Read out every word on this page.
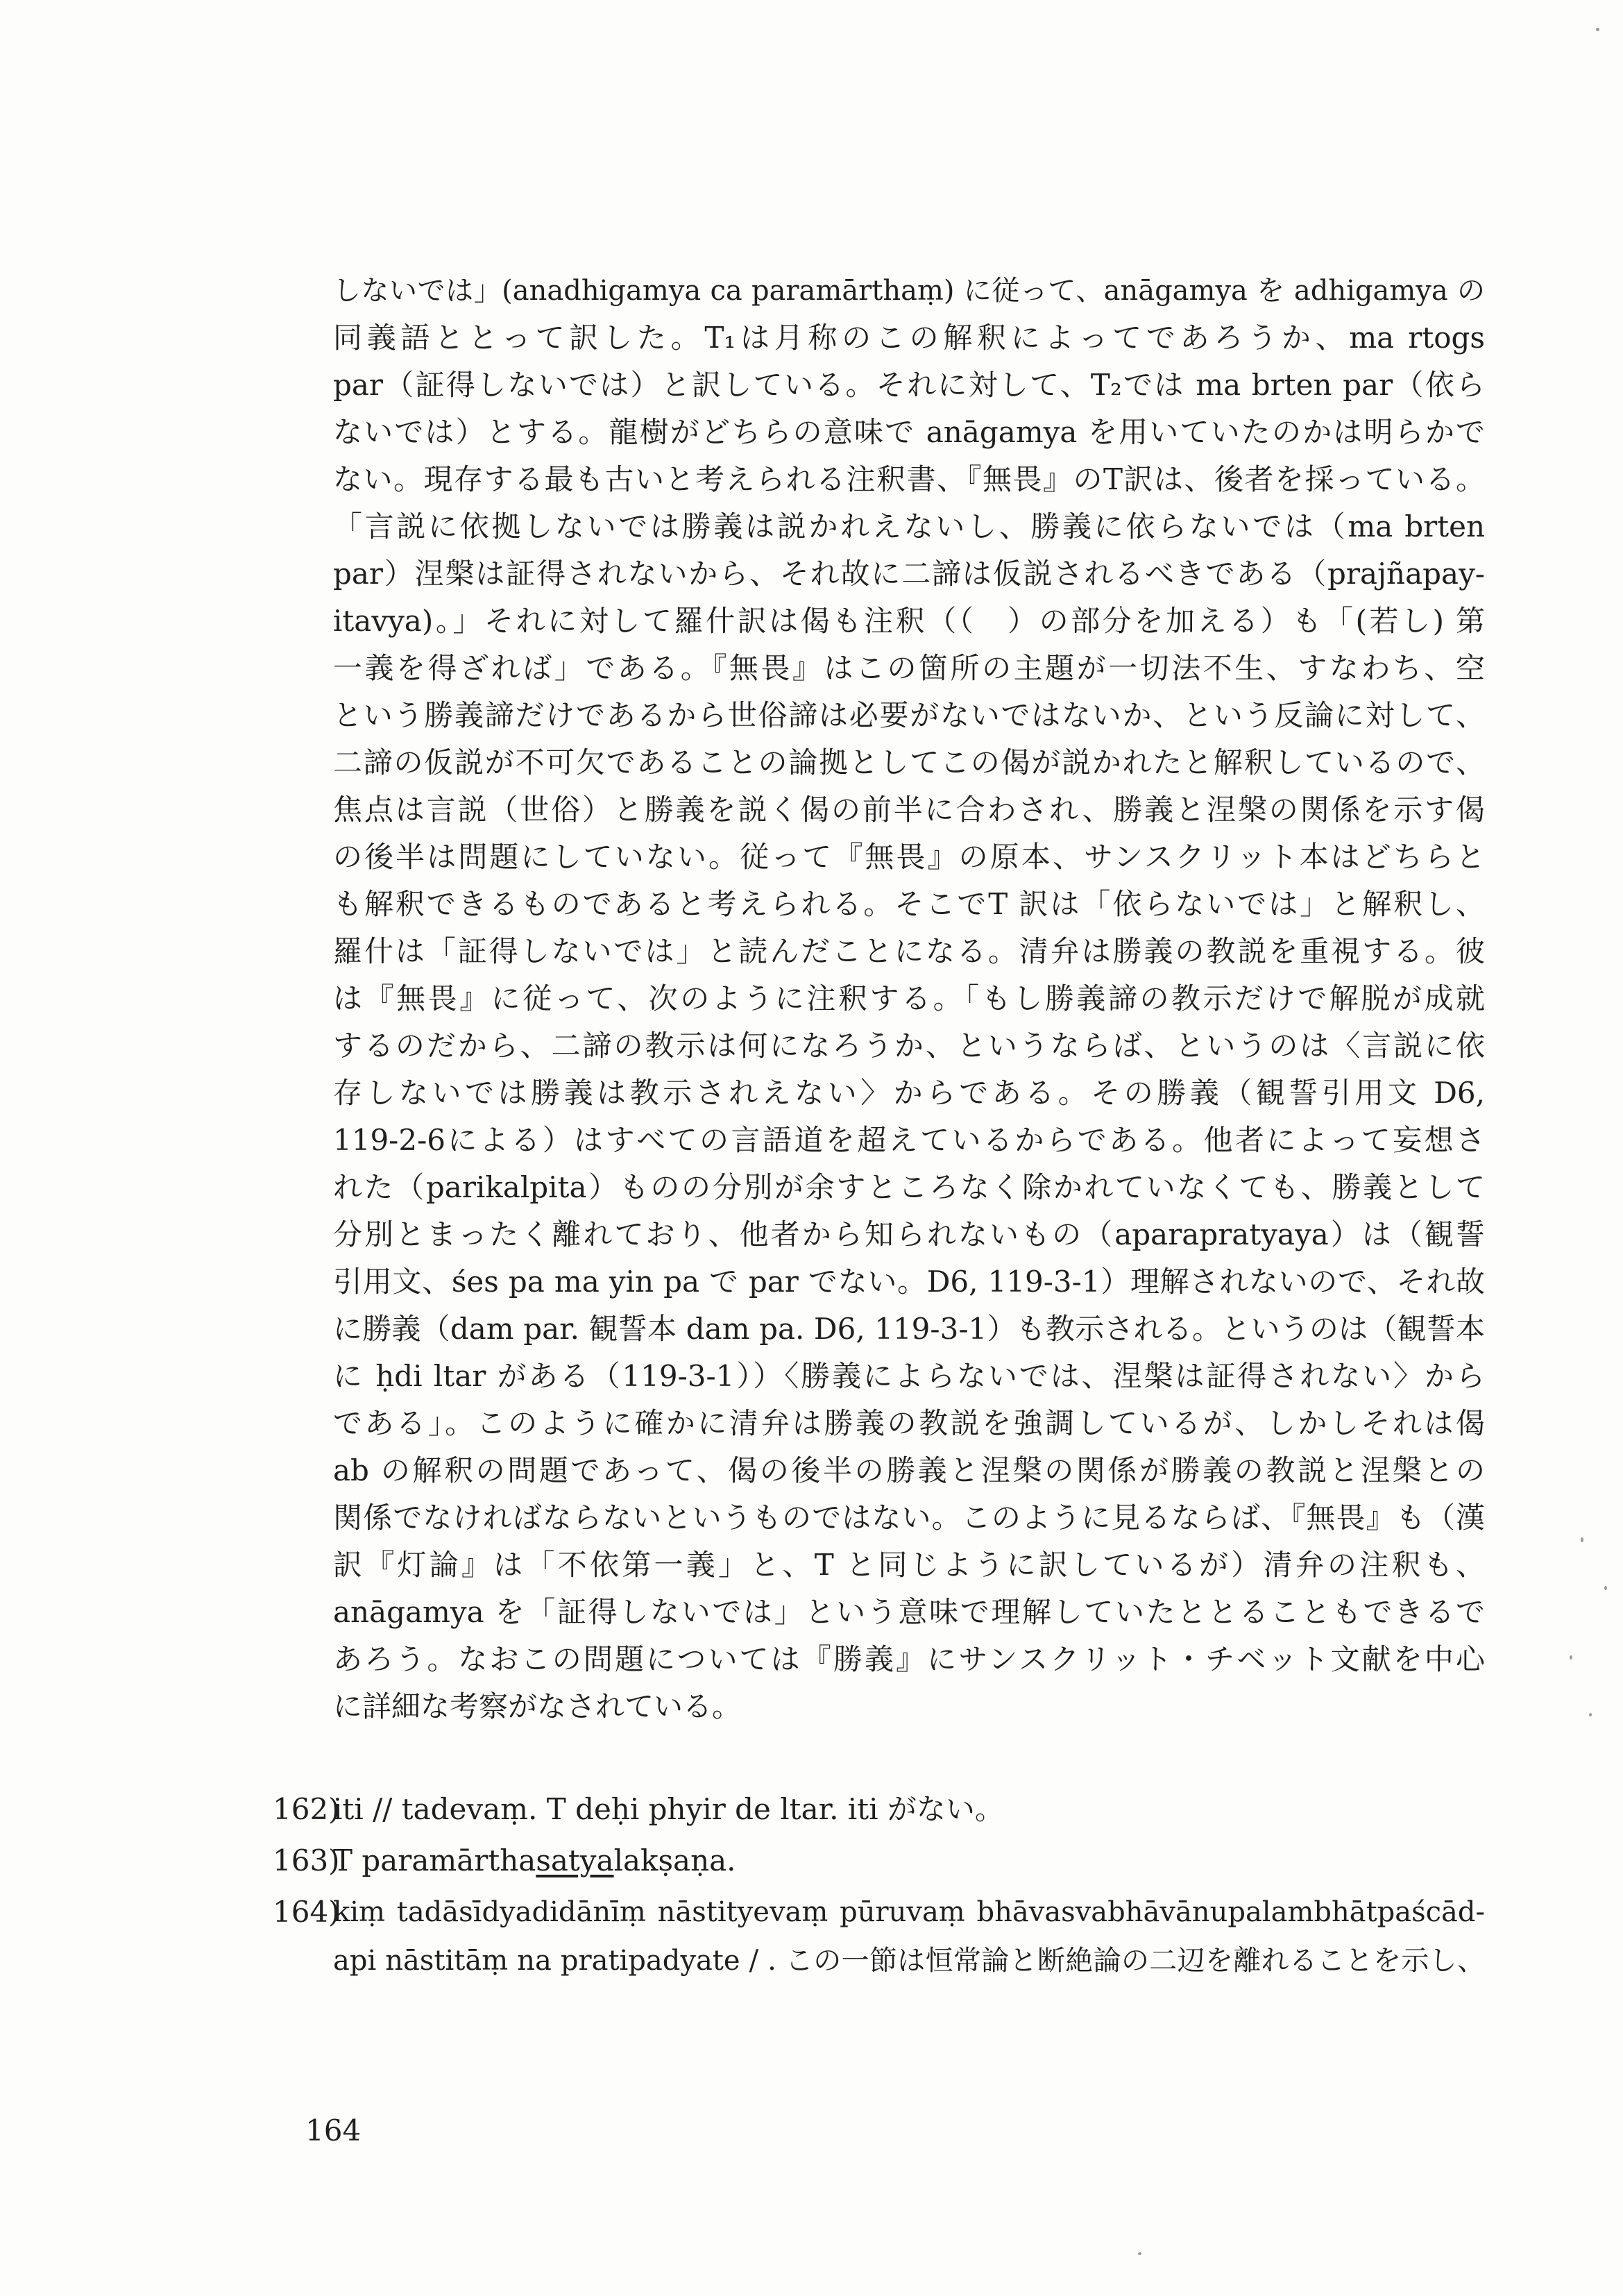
しないでは」(anadhigamya ca paramārthaṃ) に従って、anāgamya を adhigamya の
同義語ととって訳した。T₁は月称のこの解釈によってであろうか、ma rtogs
par（証得しないでは）と訳している。それに対して、T₂では ma brten par（依ら
ないでは）とする。龍樹がどちらの意味で anāgamya を用いていたのかは明らかで
ない。現存する最も古いと考えられる注釈書、『無畏』のT訳は、後者を採っている。
「言説に依拠しないでは勝義は説かれえないし、勝義に依らないでは（ma brten
par）涅槃は証得されないから、それ故に二諦は仮説されるべきである（prajñapay-
itavya)。」それに対して羅什訳は偈も注釈（（　）の部分を加える）も「(若し) 第
一義を得ざれば」である。『無畏』はこの箇所の主題が一切法不生、すなわち、空
という勝義諦だけであるから世俗諦は必要がないではないか、という反論に対して、
二諦の仮説が不可欠であることの論拠としてこの偈が説かれたと解釈しているので、
焦点は言説（世俗）と勝義を説く偈の前半に合わされ、勝義と涅槃の関係を示す偈
の後半は問題にしていない。従って『無畏』の原本、サンスクリット本はどちらと
も解釈できるものであると考えられる。そこでT 訳は「依らないでは」と解釈し、
羅什は「証得しないでは」と読んだことになる。清弁は勝義の教説を重視する。彼
は『無畏』に従って、次のように注釈する。「もし勝義諦の教示だけで解脱が成就
するのだから、二諦の教示は何になろうか、というならば、というのは〈言説に依
存しないでは勝義は教示されえない〉からである。その勝義（観誓引用文 D6,
119-2-6による）はすべての言語道を超えているからである。他者によって妄想さ
れた（parikalpita）ものの分別が余すところなく除かれていなくても、勝義として
分別とまったく離れており、他者から知られないもの（aparapratyaya）は（観誓
引用文、śes pa ma yin pa で par でない。D6, 119-3-1）理解されないので、それ故
に勝義（dam par. 観誓本 dam pa. D6, 119-3-1）も教示される。というのは（観誓本
に ḥdi ltar がある（119-3-1））〈勝義によらないでは、涅槃は証得されない〉から
である」。このように確かに清弁は勝義の教説を強調しているが、しかしそれは偈
ab の解釈の問題であって、偈の後半の勝義と涅槃の関係が勝義の教説と涅槃との
関係でなければならないというものではない。このように見るならば、『無畏』も（漢
訳『灯論』は「不依第一義」と、T と同じように訳しているが）清弁の注釈も、
anāgamya を「証得しないでは」という意味で理解していたととることもできるで
あろう。なおこの問題については『勝義』にサンスクリット・チベット文献を中心
に詳細な考察がなされている。
162)
iti // tadevaṃ. T deḥi phyir de ltar. iti がない。
163)
T paramārthasatyalakṣaṇa.
164)
kiṃ tadāsīdyadidānīṃ nāstityevaṃ pūruvaṃ bhāvasvabhāvānupalambhātpaścād-
api nāstitāṃ na pratipadyate / . この一節は恒常論と断絶論の二辺を離れることを示し、
164
